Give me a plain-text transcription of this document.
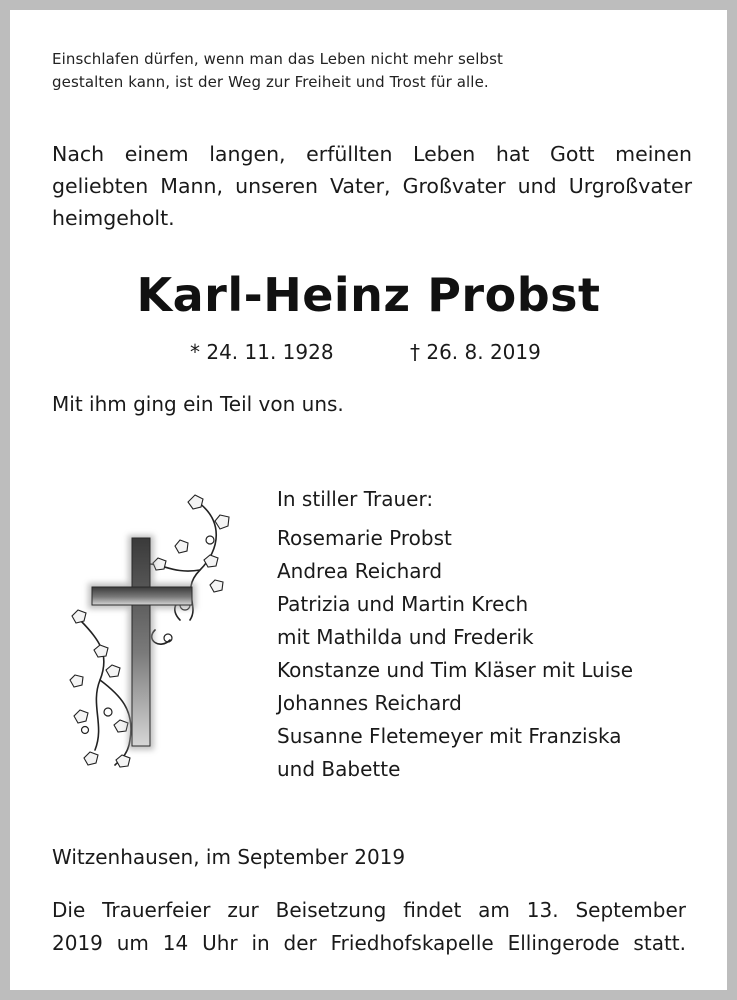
Einschlafen dürfen, wenn man das Leben nicht mehr selbst
gestalten kann, ist der Weg zur Freiheit und Trost für alle.
Nach einem langen, erfüllten Leben hat Gott meinen
geliebten Mann, unseren Vater, Großvater und Urgroßvater
heimgeholt.
Karl-Heinz Probst
* 24. 11. 1928	† 26. 8. 2019
Mit ihm ging ein Teil von uns.
In stiller Trauer:
Rosemarie Probst
Andrea Reichard
Patrizia und Martin Krech
mit Mathilda und Frederik
Konstanze und Tim Kläser mit Luise
Johannes Reichard
Susanne Fletemeyer mit Franziska
und Babette
Witzenhausen, im September 2019
Die Trauerfeier zur Beisetzung findet am 13. September
2019 um 14 Uhr in der Friedhofskapelle Ellingerode statt.
